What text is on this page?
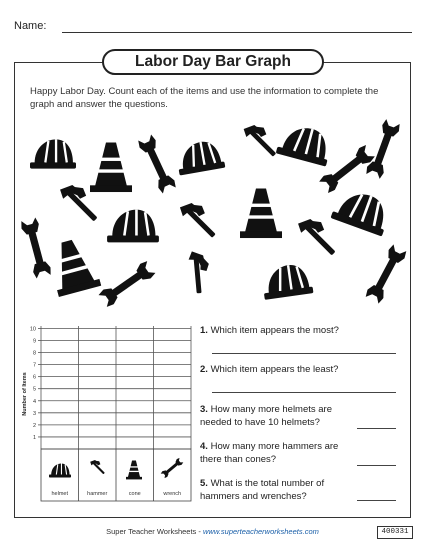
Name:
Labor Day Bar Graph
Happy Labor Day. Count each of the items and use the information to complete the graph and answer the questions.
1
2
3
4
5
6
7
8
9
10
Number of Items
helmet	hammer	cone	wrench
1. Which item appears the most?
2. Which item appears the least?
3. How many more helmets are needed to have 10 helmets?
4. How many more hammers are there than cones?
5. What is the total number of hammers and wrenches?
Super Teacher Worksheets - www.superteacherworksheets.com	400331
